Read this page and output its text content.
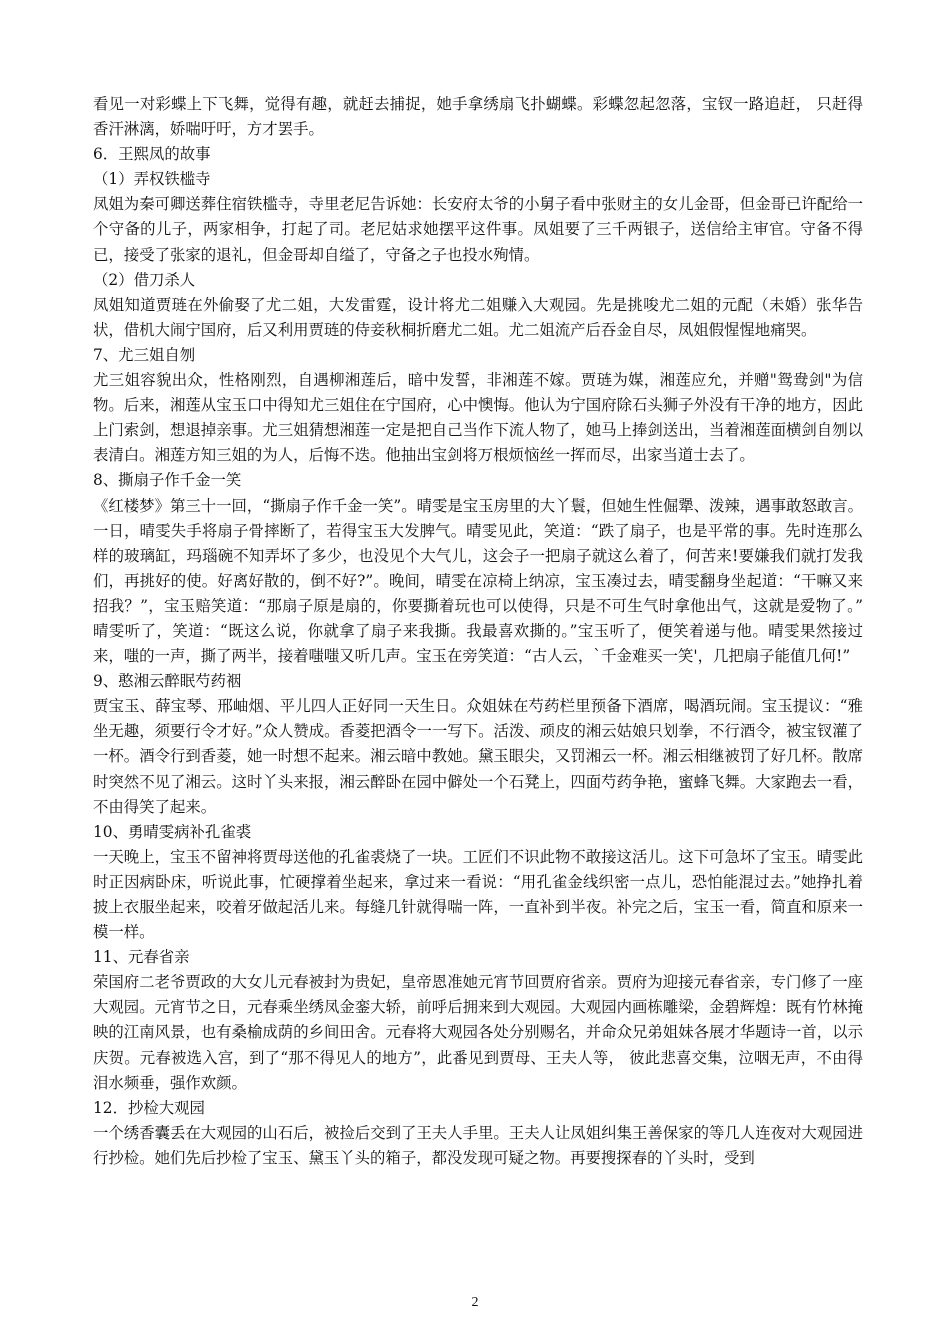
看见一对彩蝶上下飞舞，觉得有趣，就赶去捕捉，她手拿绣扇飞扑蝴蝶。彩蝶忽起忽落，宝钗一路追赶， 只赶得香汗淋漓，娇喘吁吁，方才罢手。

6．王熙凤的故事

（1）弄权铁槛寺

凤姐为秦可卿送葬住宿铁槛寺，寺里老尼告诉她：长安府太爷的小舅子看中张财主的女儿金哥，但金哥已许配给一个守备的儿子，两家相争，打起了司。老尼姑求她摆平这件事。凤姐要了三千两银子，送信给主审官。守备不得已，接受了张家的退礼，但金哥却自缢了，守备之子也投水殉情。

（2）借刀杀人

凤姐知道贾琏在外偷娶了尤二姐，大发雷霆，设计将尤二姐赚入大观园。先是挑唆尤二姐的元配（未婚）张华告状，借机大闹宁国府，后又利用贾琏的侍妾秋桐折磨尤二姐。尤二姐流产后吞金自尽，凤姐假惺惺地痛哭。

7、尤三姐自刎

尤三姐容貌出众，性格刚烈，自遇柳湘莲后，暗中发誓，非湘莲不嫁。贾琏为媒，湘莲应允，并赠"鸳鸯剑"为信物。后来，湘莲从宝玉口中得知尤三姐住在宁国府，心中懊悔。他认为宁国府除石头狮子外没有干净的地方，因此上门索剑，想退掉亲事。尤三姐猜想湘莲一定是把自己当作下流人物了，她马上捧剑送出，当着湘莲面横剑自刎以表清白。湘莲方知三姐的为人，后悔不迭。他抽出宝剑将万根烦恼丝一挥而尽，出家当道士去了。

8、撕扇子作千金一笑

《红楼梦》第三十一回，“撕扇子作千金一笑”。晴雯是宝玉房里的大丫鬟，但她生性倔犟、泼辣，遇事敢怒敢言。一日，晴雯失手将扇子骨摔断了，若得宝玉大发脾气。晴雯见此，笑道：“跌了扇子，也是平常的事。先时连那么样的玻璃缸，玛瑙碗不知弄坏了多少，也没见个大气儿，这会子一把扇子就这么着了，何苦来!要嫌我们就打发我们，再挑好的使。好离好散的，倒不好?”。晚间，晴雯在凉椅上纳凉，宝玉凑过去，晴雯翻身坐起道：“干嘛又来招我？”，宝玉赔笑道：“那扇子原是扇的，你要撕着玩也可以使得，只是不可生气时拿他出气，这就是爱物了。”　晴雯听了，笑道：“既这么说，你就拿了扇子来我撕。我最喜欢撕的。”宝玉听了，便笑着递与他。晴雯果然接过来，嗤的一声，撕了两半，接着嗤嗤又听几声。宝玉在旁笑道：“古人云，`千金难买一笑'，几把扇子能值几何!”

9、憨湘云醉眠芍药裀

贾宝玉、薛宝琴、邢岫烟、平儿四人正好同一天生日。众姐妹在芍药栏里预备下酒席，喝酒玩闹。宝玉提议：“雅坐无趣，须要行令才好。”众人赞成。香菱把酒令一一写下。活泼、顽皮的湘云姑娘只划拳，不行酒令，被宝钗灌了一杯。酒令行到香菱，她一时想不起来。湘云暗中教她。黛玉眼尖，又罚湘云一杯。湘云相继被罚了好几杯。散席时突然不见了湘云。这时丫头来报，湘云醉卧在园中僻处一个石凳上，四面芍药争艳，蜜蜂飞舞。大家跑去一看，不由得笑了起来。

10、勇晴雯病补孔雀裘

一天晚上，宝玉不留神将贾母送他的孔雀裘烧了一块。工匠们不识此物不敢接这活儿。这下可急坏了宝玉。晴雯此时正因病卧床，听说此事，忙硬撑着坐起来，拿过来一看说：“用孔雀金线织密一点儿，恐怕能混过去。”她挣扎着披上衣服坐起来，咬着牙做起活儿来。每缝几针就得喘一阵，一直补到半夜。补完之后，宝玉一看，简直和原来一模一样。

11、元春省亲

荣国府二老爷贾政的大女儿元春被封为贵妃，皇帝恩准她元宵节回贾府省亲。贾府为迎接元春省亲，专门修了一座大观园。元宵节之日，元春乘坐绣凤金銮大轿，前呼后拥来到大观园。大观园内画栋雕梁，金碧辉煌：既有竹林掩映的江南风景，也有桑榆成荫的乡间田舍。元春将大观园各处分别赐名，并命众兄弟姐妹各展才华题诗一首，以示庆贺。元春被选入宫，到了“那不得见人的地方”，此番见到贾母、王夫人等， 彼此悲喜交集，泣咽无声，不由得泪水频垂，强作欢颜。

12．抄检大观园

一个绣香囊丢在大观园的山石后，被捡后交到了王夫人手里。王夫人让凤姐纠集王善保家的等几人连夜对大观园进行抄检。她们先后抄检了宝玉、黛玉丫头的箱子，都没发现可疑之物。再要搜探春的丫头时，受到

2
